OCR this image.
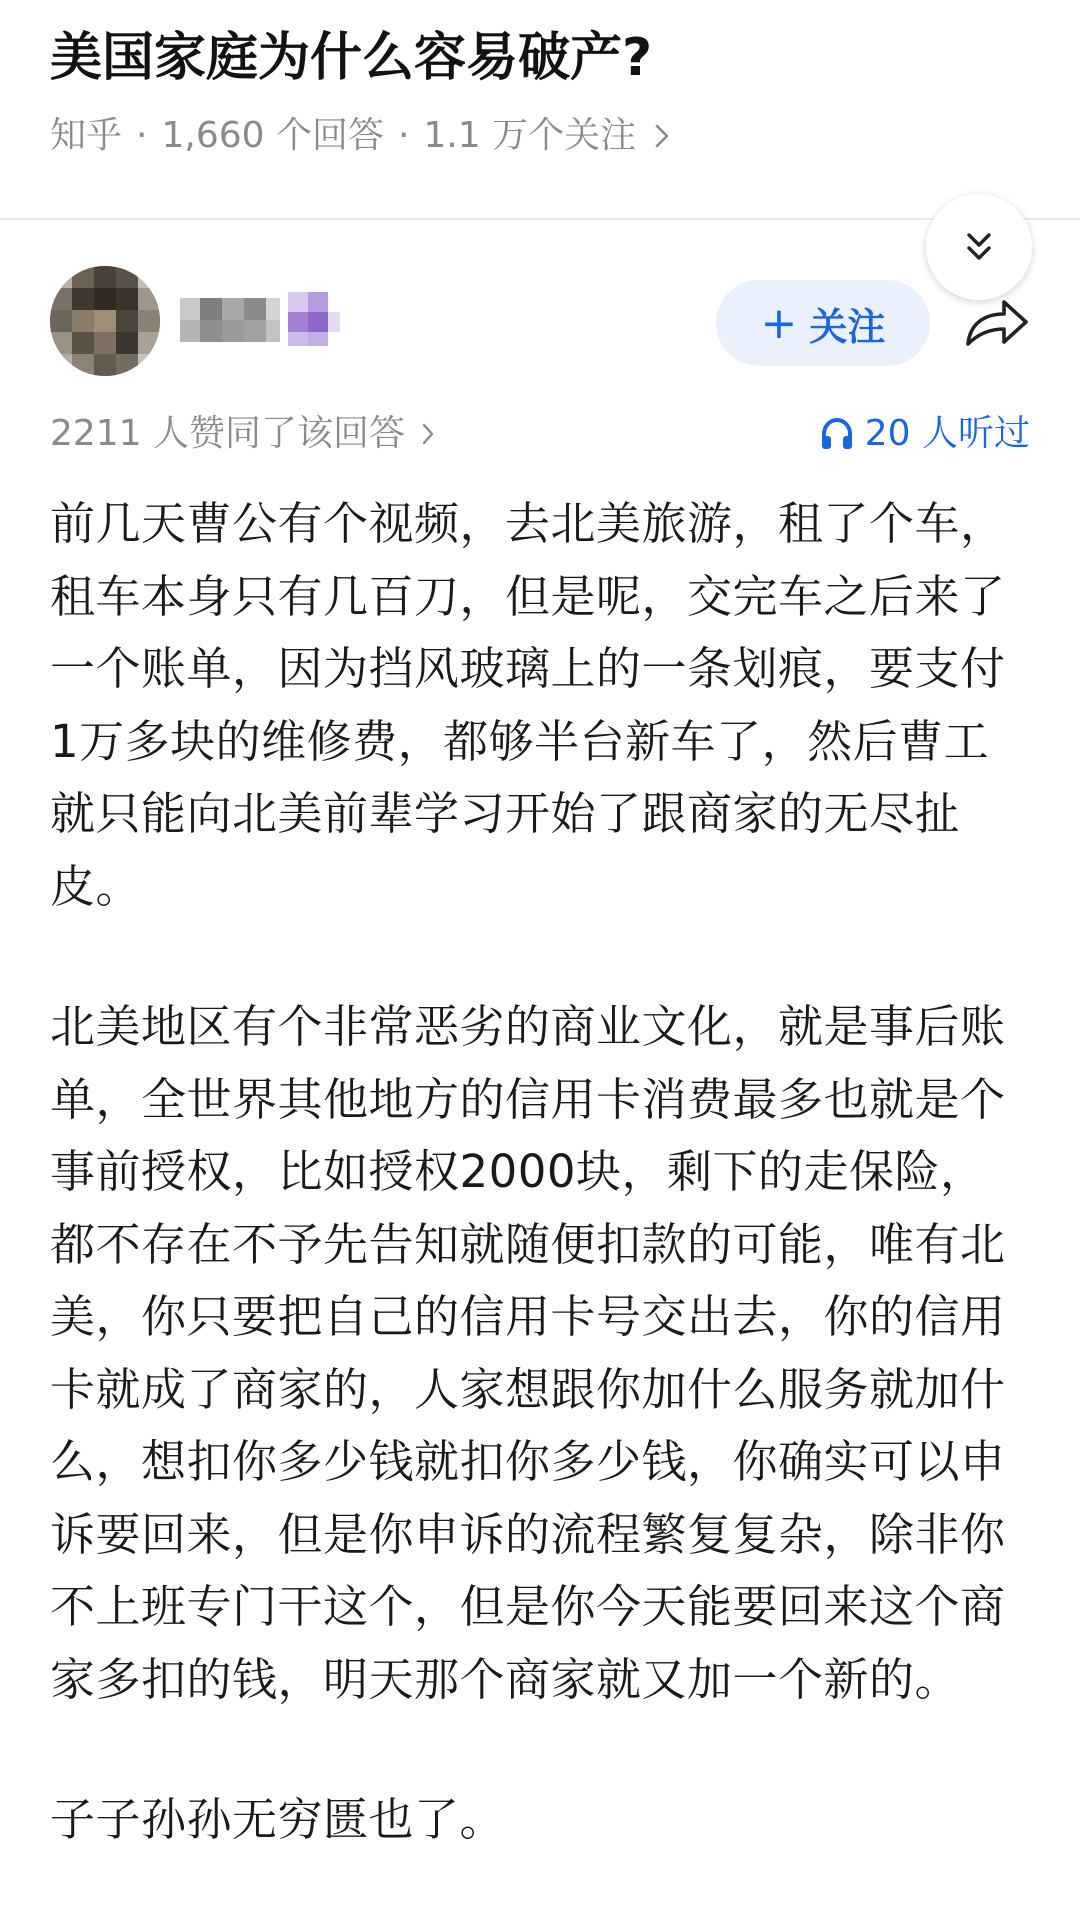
美国家庭为什么容易破产?
知乎 · 1,660 个回答 · 1.1 万个关注
+ 关注
2211 人赞同了该回答	20 人听过

前几天曹公有个视频，去北美旅游，租了个车，租车本身只有几百刀，但是呢，交完车之后来了一个账单，因为挡风玻璃上的一条划痕，要支付1万多块的维修费，都够半台新车了，然后曹工就只能向北美前辈学习开始了跟商家的无尽扯皮。

北美地区有个非常恶劣的商业文化，就是事后账单，全世界其他地方的信用卡消费最多也就是个事前授权，比如授权2000块，剩下的走保险，都不存在不予先告知就随便扣款的可能，唯有北美，你只要把自己的信用卡号交出去，你的信用卡就成了商家的，人家想跟你加什么服务就加什么，想扣你多少钱就扣你多少钱，你确实可以申诉要回来，但是你申诉的流程繁复复杂，除非你不上班专门干这个，但是你今天能要回来这个商家多扣的钱，明天那个商家就又加一个新的。

子子孙孙无穷匮也了。
